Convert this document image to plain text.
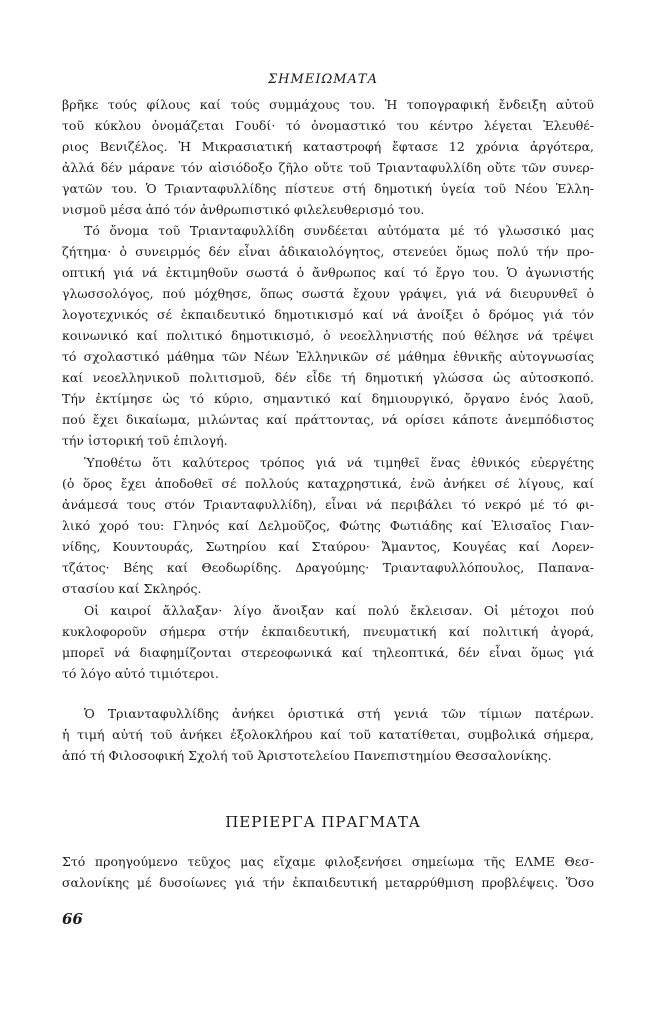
ΣΗΜΕΙΩΜΑΤΑ
βρῆκε τούς φίλους καί τούς συμμάχους του. Ἡ τοπογραφική ἔνδειξη αὐτοῦ
τοῦ κύκλου ὀνομάζεται Γουδί· τό ὀνομαστικό του κέντρο λέγεται Ἐλευθέ-
ριος Βενιζέλος. Ἡ Μικρασιατική καταστροφή ἔφτασε 12 χρόνια ἀργότερα,
ἀλλά δέν μάρανε τόν αἰσιόδοξο ζῆλο οὔτε τοῦ Τριανταφυλλίδη οὔτε τῶν συνερ-
γατῶν του. Ὁ Τριανταφυλλίδης πίστευε στή δημοτική ὑγεία τοῦ Νέου Ἑλλη-
νισμοῦ μέσα ἀπό τόν ἀνθρωπιστικό φιλελευθερισμό του.
Τό ὄνομα τοῦ Τριανταφυλλίδη συνδέεται αὐτόματα μέ τό γλωσσικό μας
ζήτημα· ὁ συνειρμός δέν εἶναι ἀδικαιολόγητος, στενεύει ὅμως πολύ τήν προ-
οπτική γιά νά ἐκτιμηθοῦν σωστά ὁ ἄνθρωπος καί τό ἔργο του. Ὁ ἀγωνιστής
γλωσσολόγος, πού μόχθησε, ὅπως σωστά ἔχουν γράψει, γιά νά διευρυνθεῖ ὁ
λογοτεχνικός σέ ἐκπαιδευτικό δημοτικισμό καί νά ἀνοίξει ὁ δρόμος γιά τόν
κοινωνικό καί πολιτικό δημοτικισμό, ὁ νεοελληνιστής πού θέλησε νά τρέψει
τό σχολαστικό μάθημα τῶν Νέων Ἑλληνικῶν σέ μάθημα ἐθνικῆς αὐτογνωσίας
καί νεοελληνικοῦ πολιτισμοῦ, δέν εἶδε τή δημοτική γλώσσα ὡς αὐτοσκοπό.
Τήν ἐκτίμησε ὡς τό κύριο, σημαντικό καί δημιουργικό, ὄργανο ἑνός λαοῦ,
πού ἔχει δικαίωμα, μιλώντας καί πράττοντας, νά ορίσει κάποτε ἀνεμπόδιστος
τήν ἱστορική τοῦ ἐπιλογή.
Ὑποθέτω ὅτι καλύτερος τρόπος γιά νά τιμηθεῖ ἕνας ἐθνικός εὐεργέτης
(ὁ ὅρος ἔχει ἀποδοθεῖ σέ πολλούς καταχρηστικά, ἐνῶ ἀνήκει σέ λίγους, καί
ἀνάμεσά τους στόν Τριανταφυλλίδη), εἶναι νά περιβάλει τό νεκρό μέ τό φι-
λικό χορό του: Γληνός καί Δελμοῦζος, Φώτης Φωτιάδης καί Ἐλισαῖος Γιαν-
νίδης, Κουντουράς, Σωτηρίου καί Σταύρου· Ἄμαντος, Κουγέας καί Λορεν-
τζάτος· Βέης καί Θεοδωρίδης. Δραγούμης· Τριανταφυλλόπουλος, Παπανα-
στασίου καί Σκληρός.
Οἱ καιροί ἄλλαξαν· λίγο ἄνοιξαν καί πολύ ἔκλεισαν. Οἱ μέτοχοι πού
κυκλοφοροῦν σήμερα στήν ἐκπαιδευτική, πνευματική καί πολιτική ἀγορά,
μπορεῖ νά διαφημίζονται στερεοφωνικά καί τηλεοπτικά, δέν εἶναι ὅμως γιά
τό λόγο αὐτό τιμιότεροι.
Ὁ Τριανταφυλλίδης ἀνήκει ὁριστικά στή γενιά τῶν τίμιων πατέρων.
ἡ τιμή αὐτή τοῦ ἀνήκει ἐξολοκλήρου καί τοῦ κατατίθεται, συμβολικά σήμερα,
ἀπό τή Φιλοσοφική Σχολή τοῦ Ἀριστοτελείου Πανεπιστημίου Θεσσαλονίκης.
ΠΕΡΙΕΡΓΑ ΠΡΑΓΜΑΤΑ
Στό προηγούμενο τεῦχος μας εἴχαμε φιλοξενήσει σημείωμα τῆς ΕΛΜΕ Θεσ-
σαλονίκης μέ δυσοίωνες γιά τήν ἐκπαιδευτική μεταρρύθμιση προβλέψεις. Ὅσο
66
